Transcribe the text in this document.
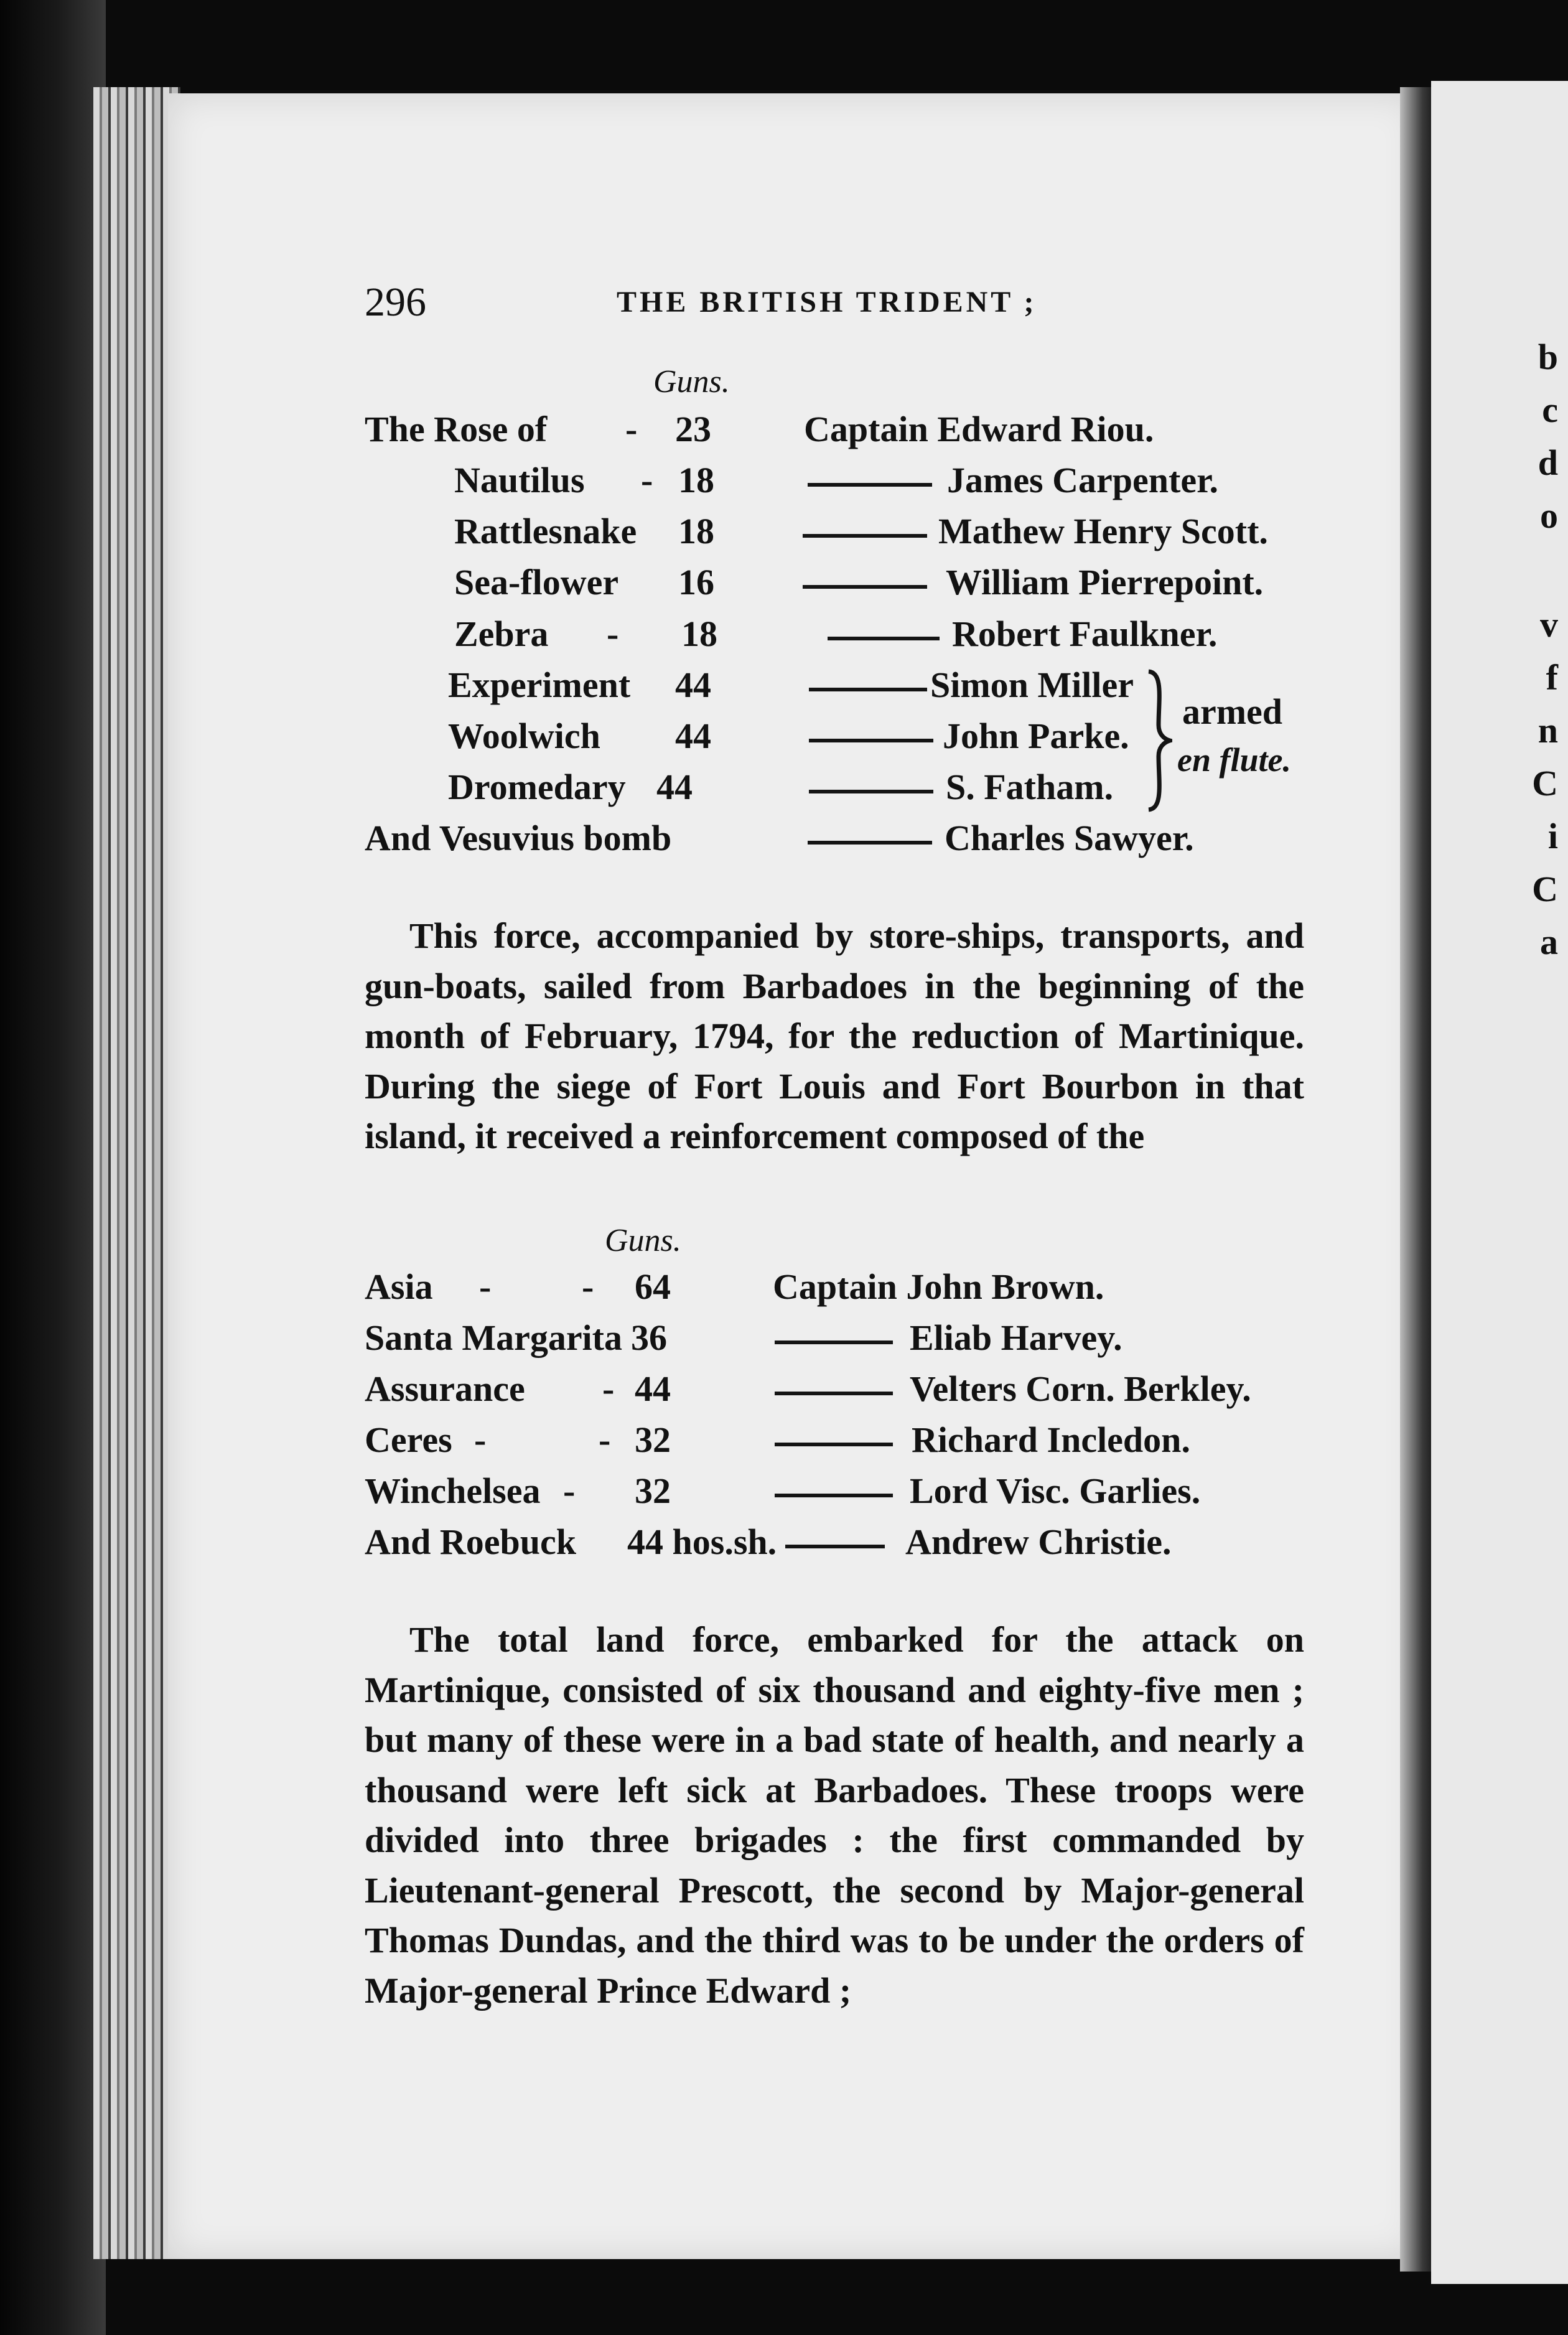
b
c
d
o
v
f
n
C
i
C
a
296	THE BRITISH TRIDENT ;
Guns.
The Rose of - 23	Captain Edward Riou.
Nautilus - 18	James Carpenter.
Rattlesnake 18	Mathew Henry Scott.
Sea-flower 16	William Pierrepoint.
Zebra - 18	Robert Faulkner.
Experiment 44	Simon Miller
Woolwich 44	John Parke.
Dromedary 44	S. Fatham.
And Vesuvius bomb	Charles Sawyer.
armed
en flute.
This force, accompanied by store-ships, transports, and gun-boats, sailed from Barbadoes in the beginning of the month of February, 1794, for the reduction of Martinique. During the siege of Fort Louis and Fort Bourbon in that island, it received a reinforcement composed of the
Guns.
Asia -	- 64	Captain John Brown.
Santa Margarita 36	Eliab Harvey.
Assurance - 44	Velters Corn. Berkley.
Ceres -	- 32	Richard Incledon.
Winchelsea - 32	Lord Visc. Garlies.
And Roebuck 44 hos.sh.	Andrew Christie.
The total land force, embarked for the attack on Martinique, consisted of six thousand and eighty-five men ; but many of these were in a bad state of health, and nearly a thousand were left sick at Barbadoes. These troops were divided into three brigades : the first commanded by Lieutenant-general Prescott, the second by Major-general Thomas Dundas, and the third was to be under the orders of Major-general Prince Edward ;
